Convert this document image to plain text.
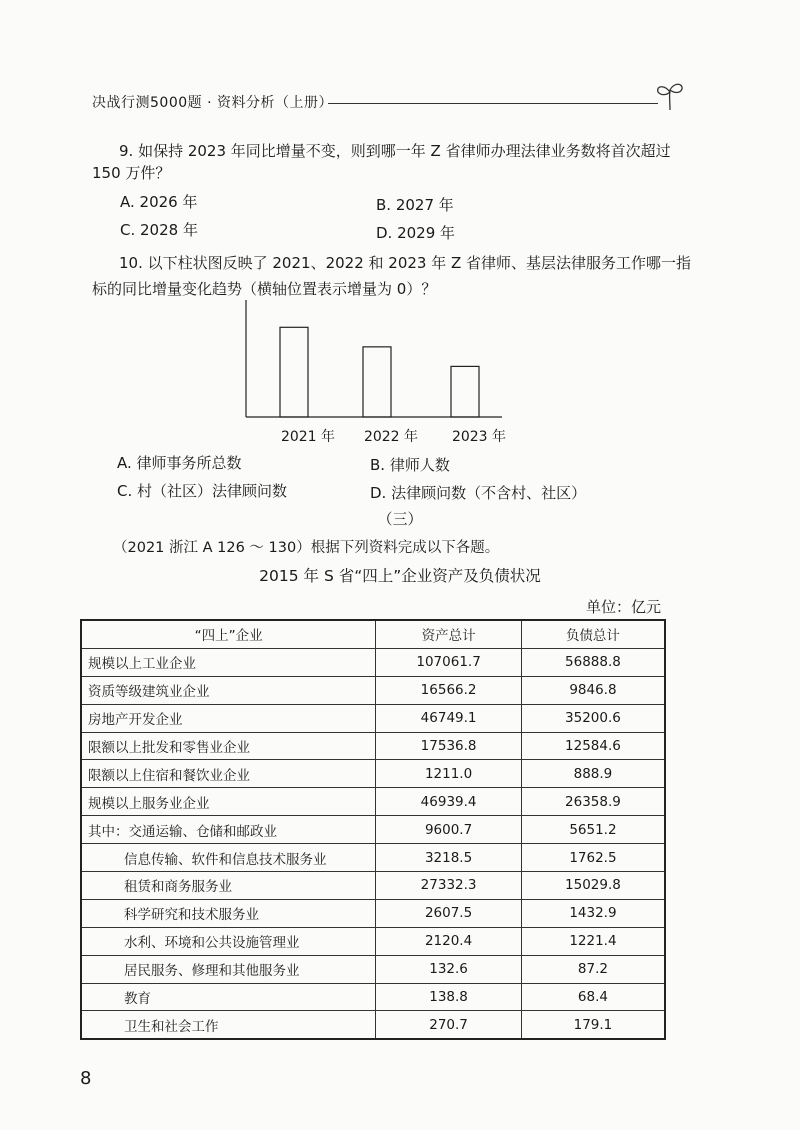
决战行测5000题 · 资料分析（上册）
9. 如保持 2023 年同比增量不变，则到哪一年 Z 省律师办理法律业务数将首次超过 150 万件？
A. 2026 年	B. 2027 年
C. 2028 年	D. 2029 年
10. 以下柱状图反映了 2021、2022 和 2023 年 Z 省律师、基层法律服务工作哪一指标的同比增量变化趋势（横轴位置表示增量为 0）？
2021 年 2022 年 2023 年
A. 律师事务所总数	B. 律师人数
C. 村（社区）法律顾问数	D. 法律顾问数（不含村、社区）
（三）
（2021 浙江 A 126 ～ 130）根据下列资料完成以下各题。
2015 年 S 省“四上”企业资产及负债状况
单位：亿元
“四上”企业	资产总计	负债总计
规模以上工业企业	107061.7	56888.8
资质等级建筑业企业	16566.2	9846.8
房地产开发企业	46749.1	35200.6
限额以上批发和零售业企业	17536.8	12584.6
限额以上住宿和餐饮业企业	1211.0	888.9
规模以上服务业企业	46939.4	26358.9
其中：交通运输、仓储和邮政业	9600.7	5651.2
信息传输、软件和信息技术服务业	3218.5	1762.5
租赁和商务服务业	27332.3	15029.8
科学研究和技术服务业	2607.5	1432.9
水利、环境和公共设施管理业	2120.4	1221.4
居民服务、修理和其他服务业	132.6	87.2
教育	138.8	68.4
卫生和社会工作	270.7	179.1
8
